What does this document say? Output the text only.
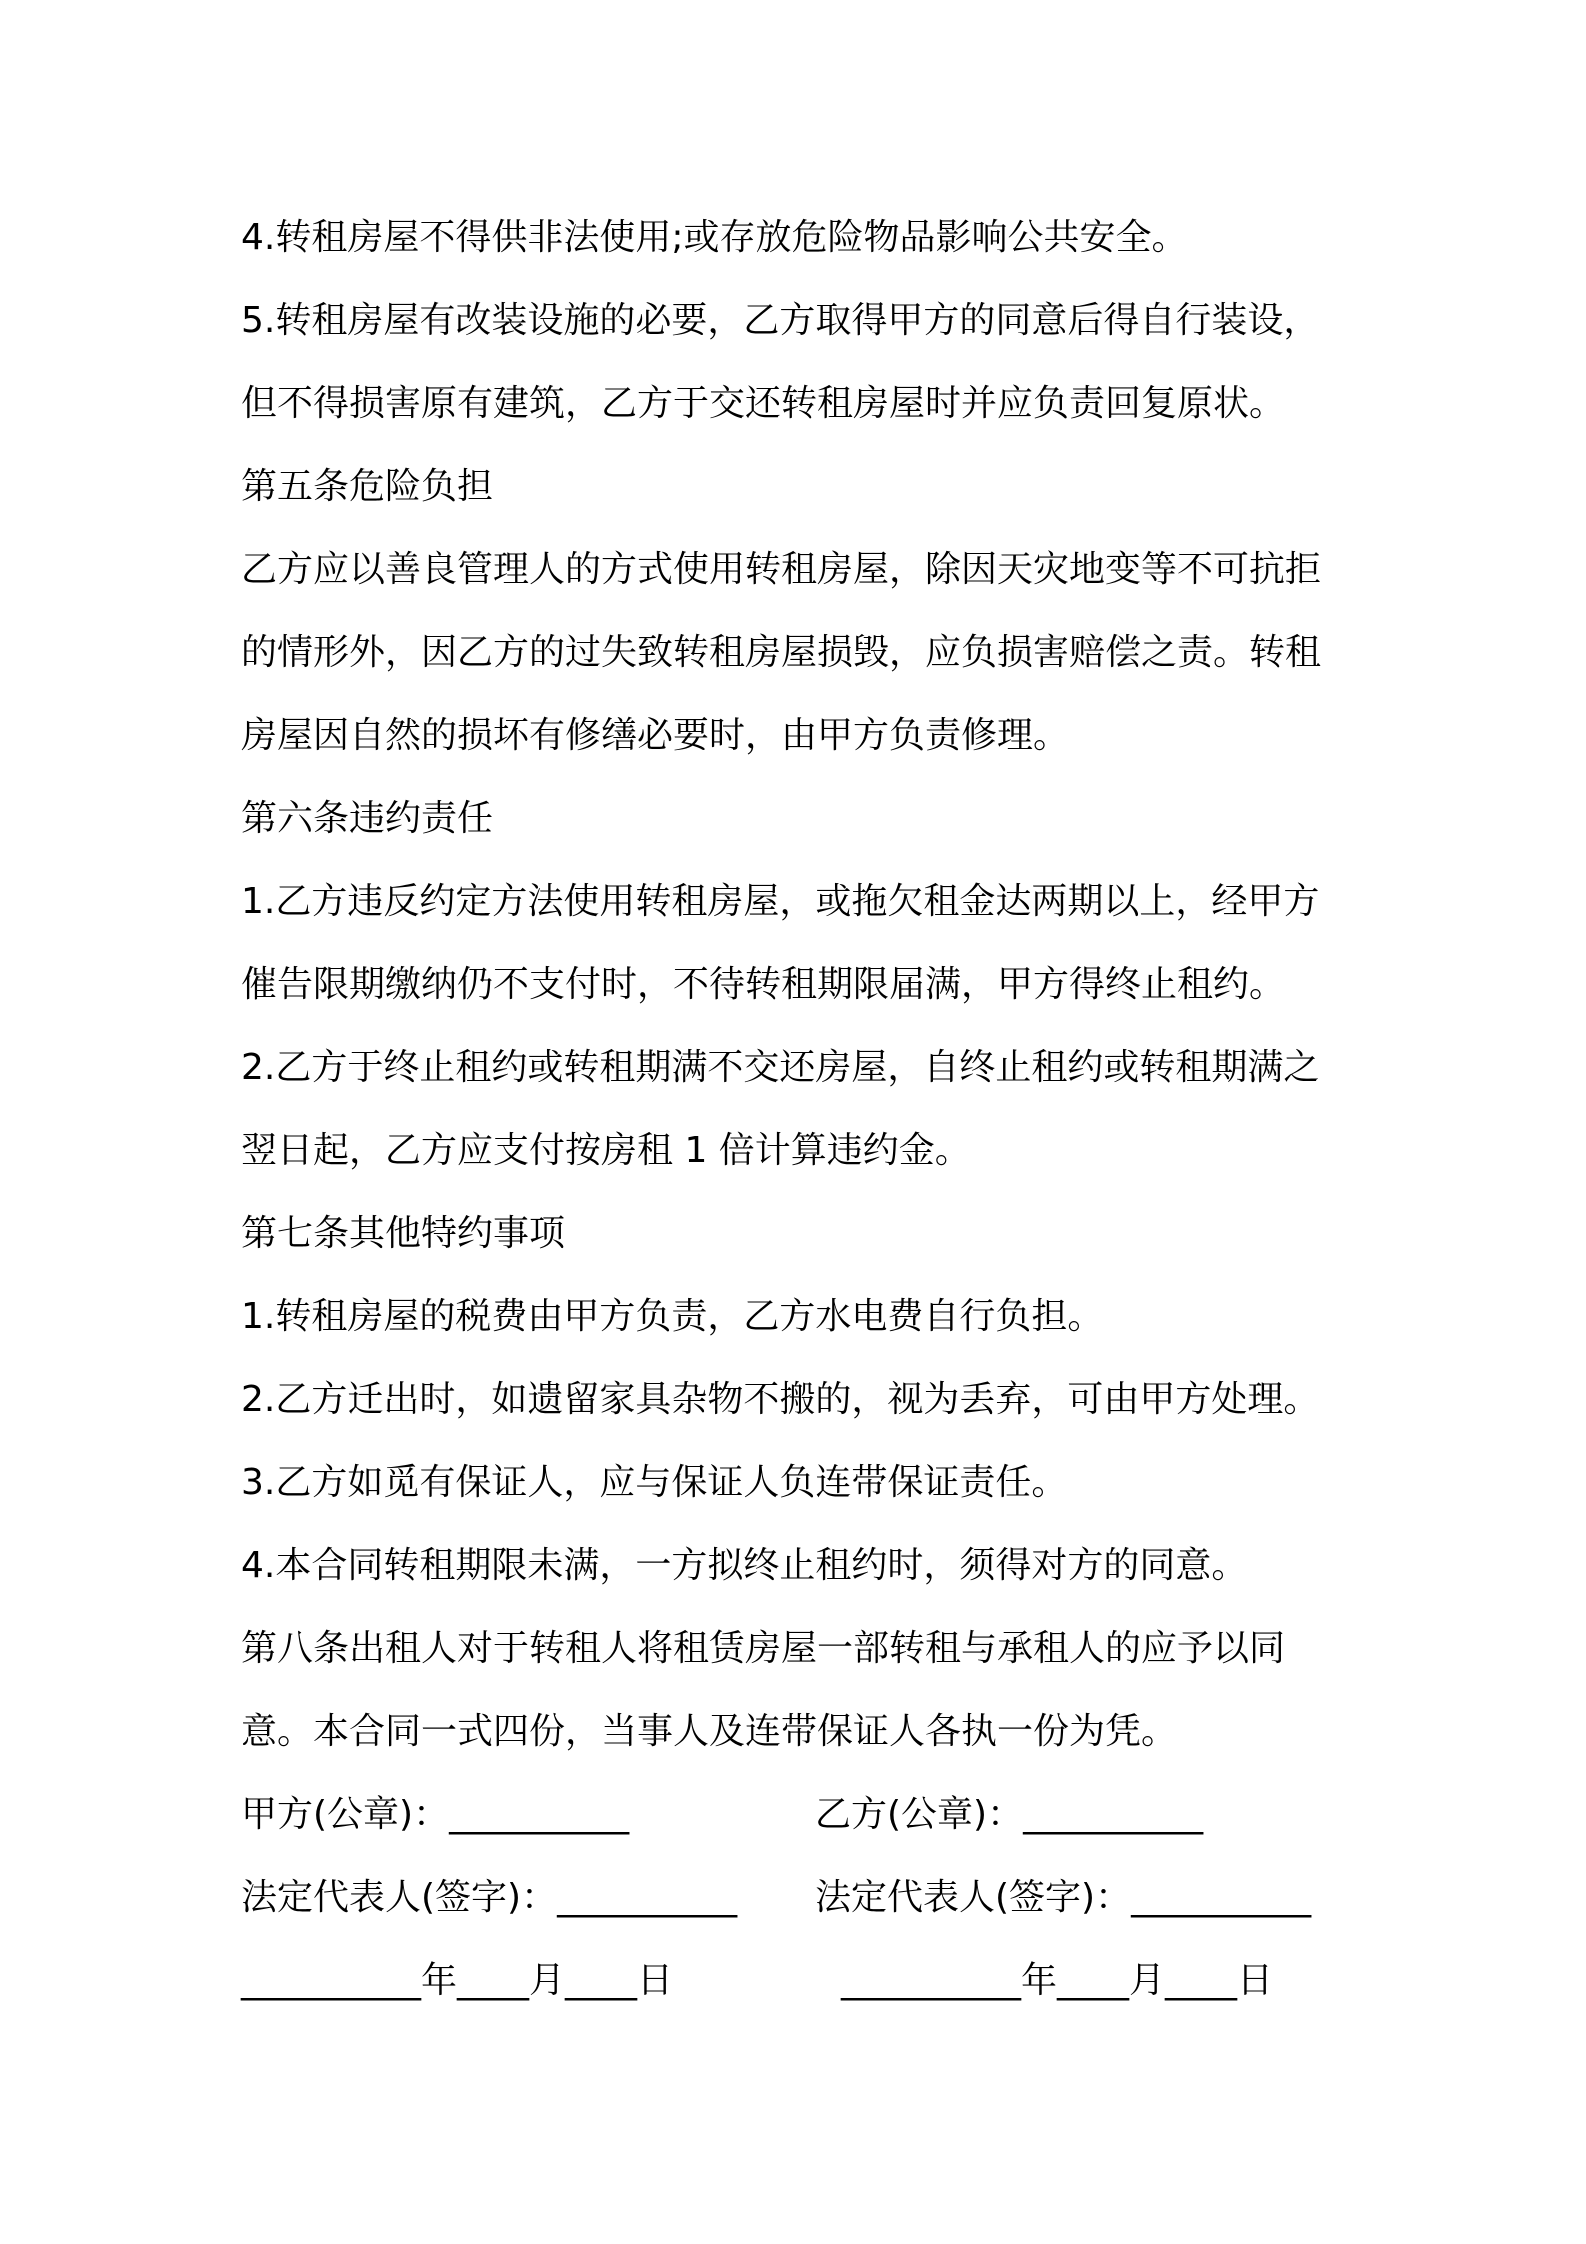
4.转租房屋不得供非法使用;或存放危险物品影响公共安全。
5.转租房屋有改装设施的必要，乙方取得甲方的同意后得自行装设，
但不得损害原有建筑，乙方于交还转租房屋时并应负责回复原状。
第五条危险负担
乙方应以善良管理人的方式使用转租房屋，除因天灾地变等不可抗拒
的情形外，因乙方的过失致转租房屋损毁，应负损害赔偿之责。转租
房屋因自然的损坏有修缮必要时，由甲方负责修理。
第六条违约责任
1.乙方违反约定方法使用转租房屋，或拖欠租金达两期以上，经甲方
催告限期缴纳仍不支付时，不待转租期限届满，甲方得终止租约。
2.乙方于终止租约或转租期满不交还房屋，自终止租约或转租期满之
翌日起，乙方应支付按房租 1 倍计算违约金。
第七条其他特约事项
1.转租房屋的税费由甲方负责，乙方水电费自行负担。
2.乙方迁出时，如遗留家具杂物不搬的，视为丢弃，可由甲方处理。
3.乙方如觅有保证人，应与保证人负连带保证责任。
4.本合同转租期限未满，一方拟终止租约时，须得对方的同意。
第八条出租人对于转租人将租赁房屋一部转租与承租人的应予以同
意。本合同一式四份，当事人及连带保证人各执一份为凭。
甲方(公章)：__________	乙方(公章)：__________
法定代表人(签字)：__________ 法定代表人(签字)：__________
__________年____月____日	__________年____月____日
